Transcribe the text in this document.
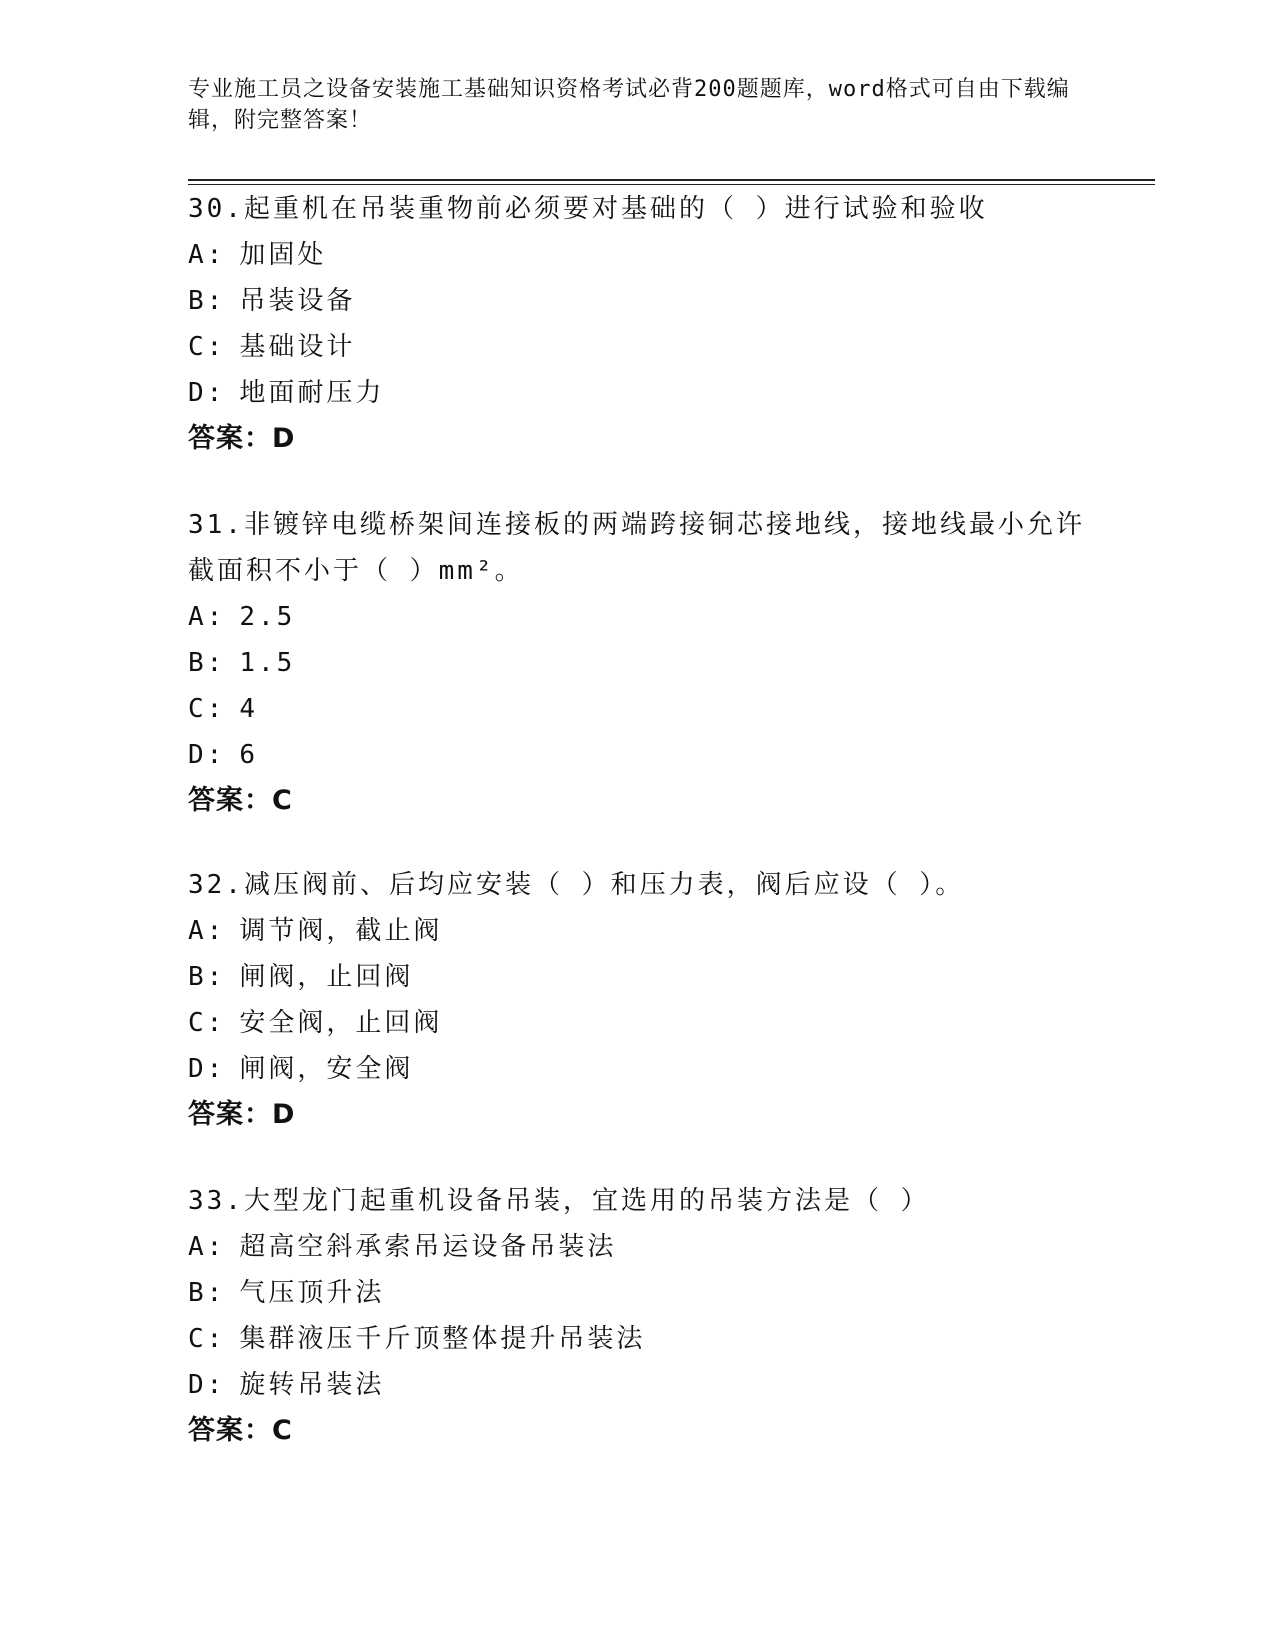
专业施工员之设备安装施工基础知识资格考试必背200题题库，word格式可自由下载编辑，附完整答案！
30.起重机在吊装重物前必须要对基础的（ ）进行试验和验收
A: 加固处
B: 吊装设备
C: 基础设计
D: 地面耐压力
答案：D
31.非镀锌电缆桥架间连接板的两端跨接铜芯接地线，接地线最小允许截面积不小于（ ）mm²。
A: 2.5
B: 1.5
C: 4
D: 6
答案：C
32.减压阀前、后均应安装（ ）和压力表，阀后应设（ ）。
A: 调节阀，截止阀
B: 闸阀，止回阀
C: 安全阀，止回阀
D: 闸阀，安全阀
答案：D
33.大型龙门起重机设备吊装，宜选用的吊装方法是（ ）
A: 超高空斜承索吊运设备吊装法
B: 气压顶升法
C: 集群液压千斤顶整体提升吊装法
D: 旋转吊装法
答案：C
